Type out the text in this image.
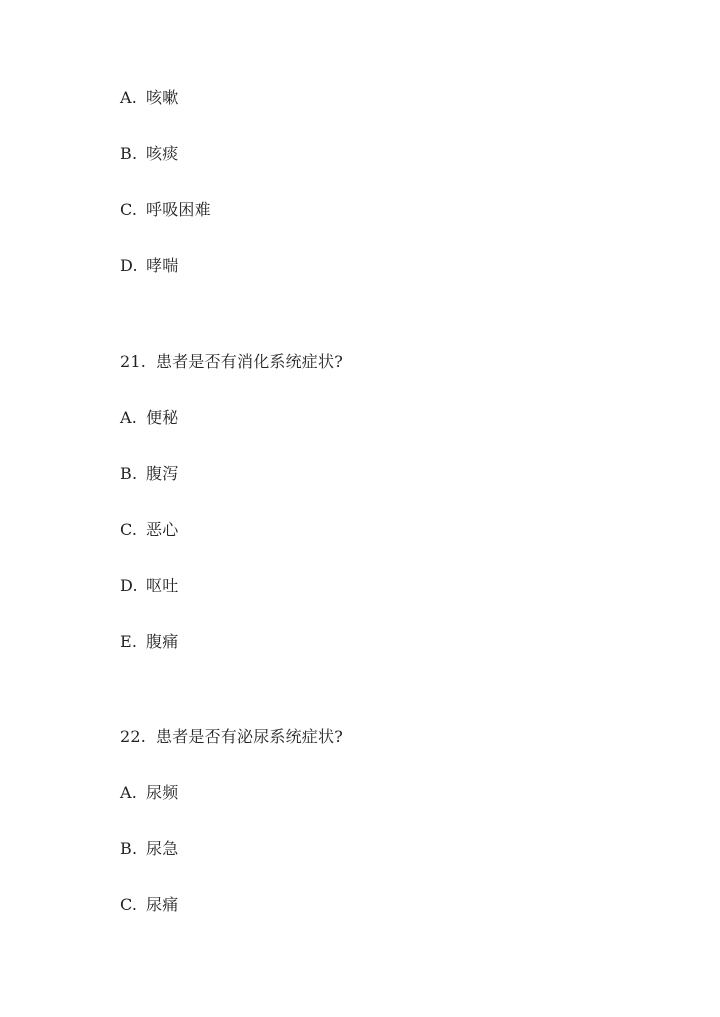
A. 咳嗽
B. 咳痰
C. 呼吸困难
D. 哮喘
21. 患者是否有消化系统症状?
A. 便秘
B. 腹泻
C. 恶心
D. 呕吐
E. 腹痛
22. 患者是否有泌尿系统症状?
A. 尿频
B. 尿急
C. 尿痛
